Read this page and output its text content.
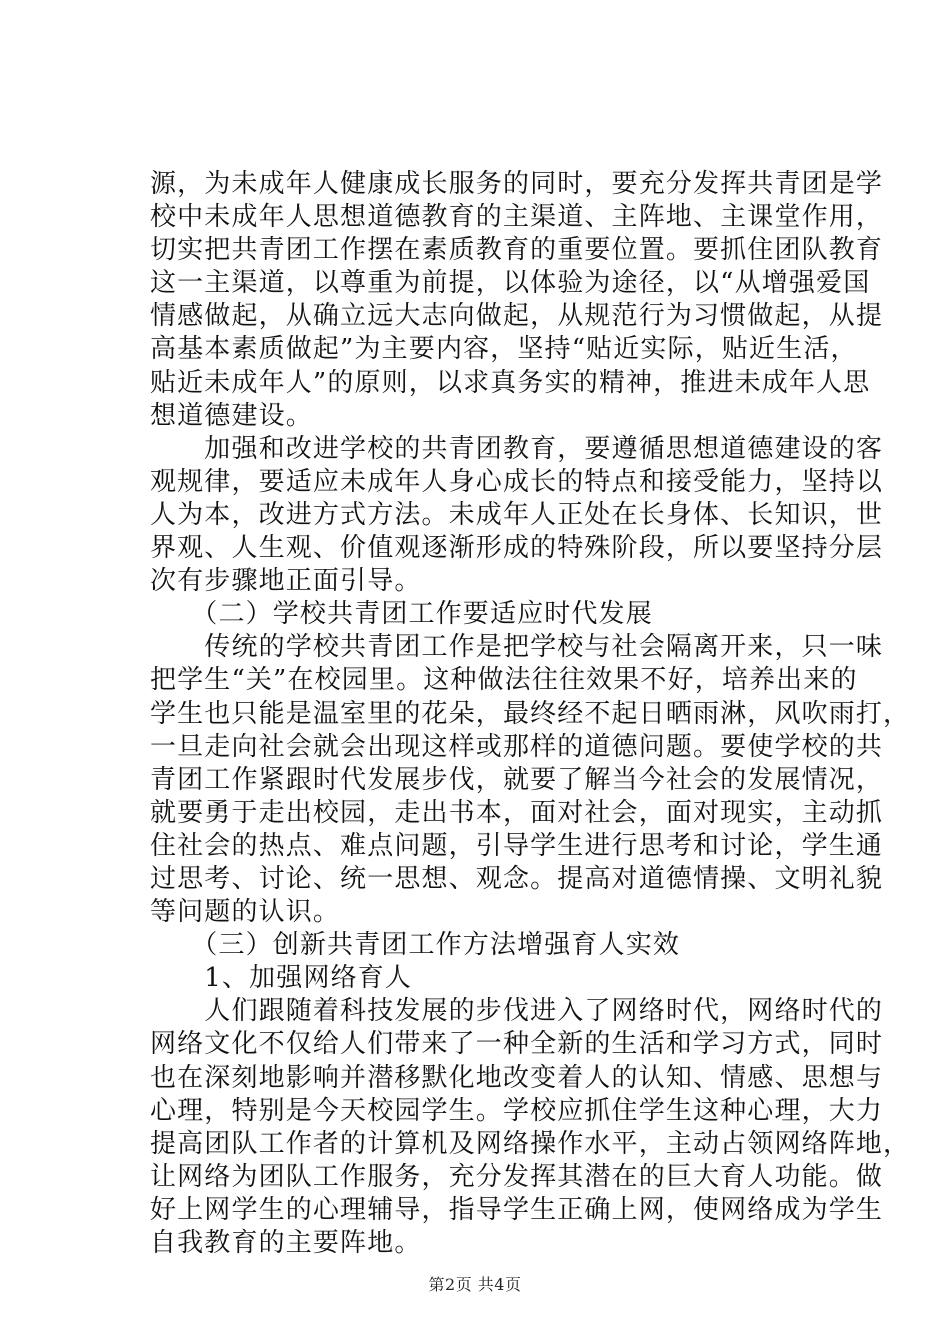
源，为未成年人健康成长服务的同时，要充分发挥共青团是学
校中未成年人思想道德教育的主渠道、主阵地、主课堂作用，
切实把共青团工作摆在素质教育的重要位置。要抓住团队教育
这一主渠道，以尊重为前提，以体验为途径，以“从增强爱国
情感做起，从确立远大志向做起，从规范行为习惯做起，从提
高基本素质做起”为主要内容，坚持“贴近实际，贴近生活，
贴近未成年人”的原则，以求真务实的精神，推进未成年人思
想道德建设。
　　加强和改进学校的共青团教育，要遵循思想道德建设的客
观规律，要适应未成年人身心成长的特点和接受能力，坚持以
人为本，改进方式方法。未成年人正处在长身体、长知识，世
界观、人生观、价值观逐渐形成的特殊阶段，所以要坚持分层
次有步骤地正面引导。
　　（二）学校共青团工作要适应时代发展
　　传统的学校共青团工作是把学校与社会隔离开来，只一味
把学生“关”在校园里。这种做法往往效果不好，培养出来的
学生也只能是温室里的花朵，最终经不起日晒雨淋，风吹雨打，
一旦走向社会就会出现这样或那样的道德问题。要使学校的共
青团工作紧跟时代发展步伐，就要了解当今社会的发展情况，
就要勇于走出校园，走出书本，面对社会，面对现实，主动抓
住社会的热点、难点问题，引导学生进行思考和讨论，学生通
过思考、讨论、统一思想、观念。提高对道德情操、文明礼貌
等问题的认识。
　　（三）创新共青团工作方法增强育人实效
　　1、加强网络育人
　　人们跟随着科技发展的步伐进入了网络时代，网络时代的
网络文化不仅给人们带来了一种全新的生活和学习方式，同时
也在深刻地影响并潜移默化地改变着人的认知、情感、思想与
心理，特别是今天校园学生。学校应抓住学生这种心理，大力
提高团队工作者的计算机及网络操作水平，主动占领网络阵地，
让网络为团队工作服务，充分发挥其潜在的巨大育人功能。做
好上网学生的心理辅导，指导学生正确上网，使网络成为学生
自我教育的主要阵地。
第2页 共4页
